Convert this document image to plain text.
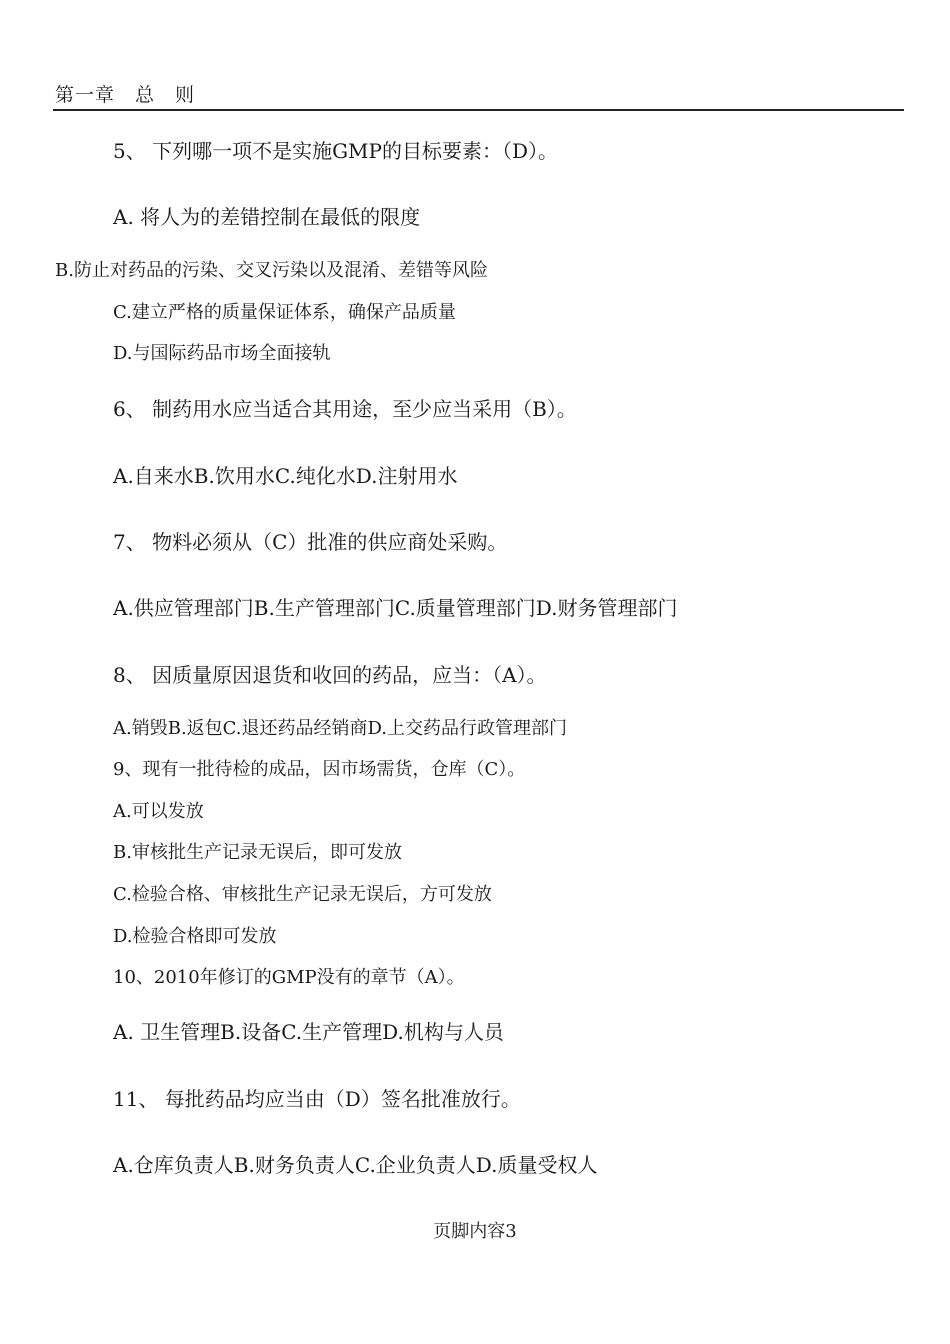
第一章　总　则
5、 下列哪一项不是实施GMP的目标要素：（D）。
A. 将人为的差错控制在最低的限度
B.防止对药品的污染、交叉污染以及混淆、差错等风险
C.建立严格的质量保证体系，确保产品质量
D.与国际药品市场全面接轨
6、 制药用水应当适合其用途，至少应当采用（B）。
A.自来水B.饮用水C.纯化水D.注射用水
7、 物料必须从（C）批准的供应商处采购。
A.供应管理部门B.生产管理部门C.质量管理部门D.财务管理部门
8、 因质量原因退货和收回的药品，应当：（A）。
A.销毁B.返包C.退还药品经销商D.上交药品行政管理部门
9、现有一批待检的成品，因市场需货，仓库（C）。
A.可以发放
B.审核批生产记录无误后，即可发放
C.检验合格、审核批生产记录无误后，方可发放
D.检验合格即可发放
10、2010年修订的GMP没有的章节（A）。
A. 卫生管理B.设备C.生产管理D.机构与人员
11、 每批药品均应当由（D）签名批准放行。
A.仓库负责人B.财务负责人C.企业负责人D.质量受权人
页脚内容3
